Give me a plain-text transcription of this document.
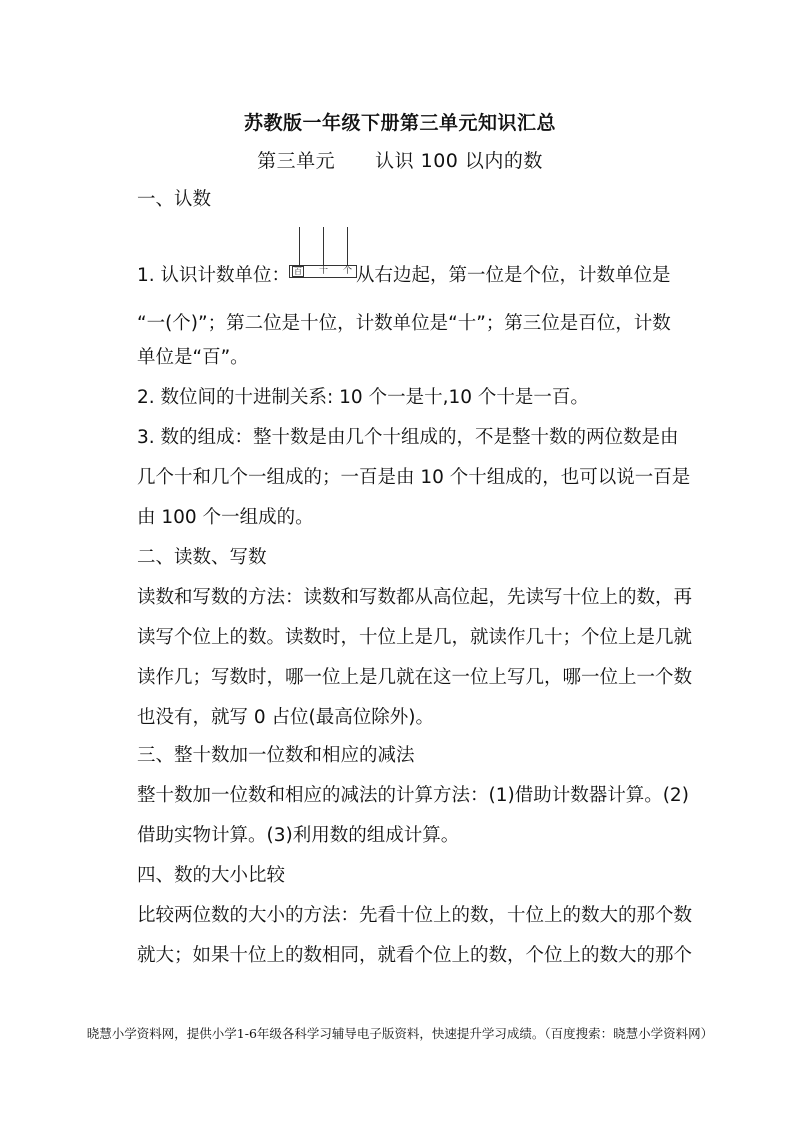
苏教版一年级下册第三单元知识汇总
第三单元 认识 100 以内的数
一、认数
百 十 个
1. 认识计数单位：	从右边起，第一位是个位，计数单位是
“一(个)”；第二位是十位，计数单位是“十”；第三位是百位，计数
单位是“百”。
2. 数位间的十进制关系: 10 个一是十,10 个十是一百。
3. 数的组成：整十数是由几个十组成的，不是整十数的两位数是由
几个十和几个一组成的；一百是由 10 个十组成的，也可以说一百是
由 100 个一组成的。
二、读数、写数
读数和写数的方法：读数和写数都从高位起，先读写十位上的数，再
读写个位上的数。读数时，十位上是几，就读作几十；个位上是几就
读作几；写数时，哪一位上是几就在这一位上写几，哪一位上一个数
也没有，就写 0 占位(最高位除外)。
三、整十数加一位数和相应的减法
整十数加一位数和相应的减法的计算方法：(1)借助计数器计算。(2)
借助实物计算。(3)利用数的组成计算。
四、数的大小比较
比较两位数的大小的方法：先看十位上的数，十位上的数大的那个数
就大；如果十位上的数相同，就看个位上的数，个位上的数大的那个
晓慧小学资料网，提供小学1-6年级各科学习辅导电子版资料，快速提升学习成绩。（百度搜索：晓慧小学资料网）
